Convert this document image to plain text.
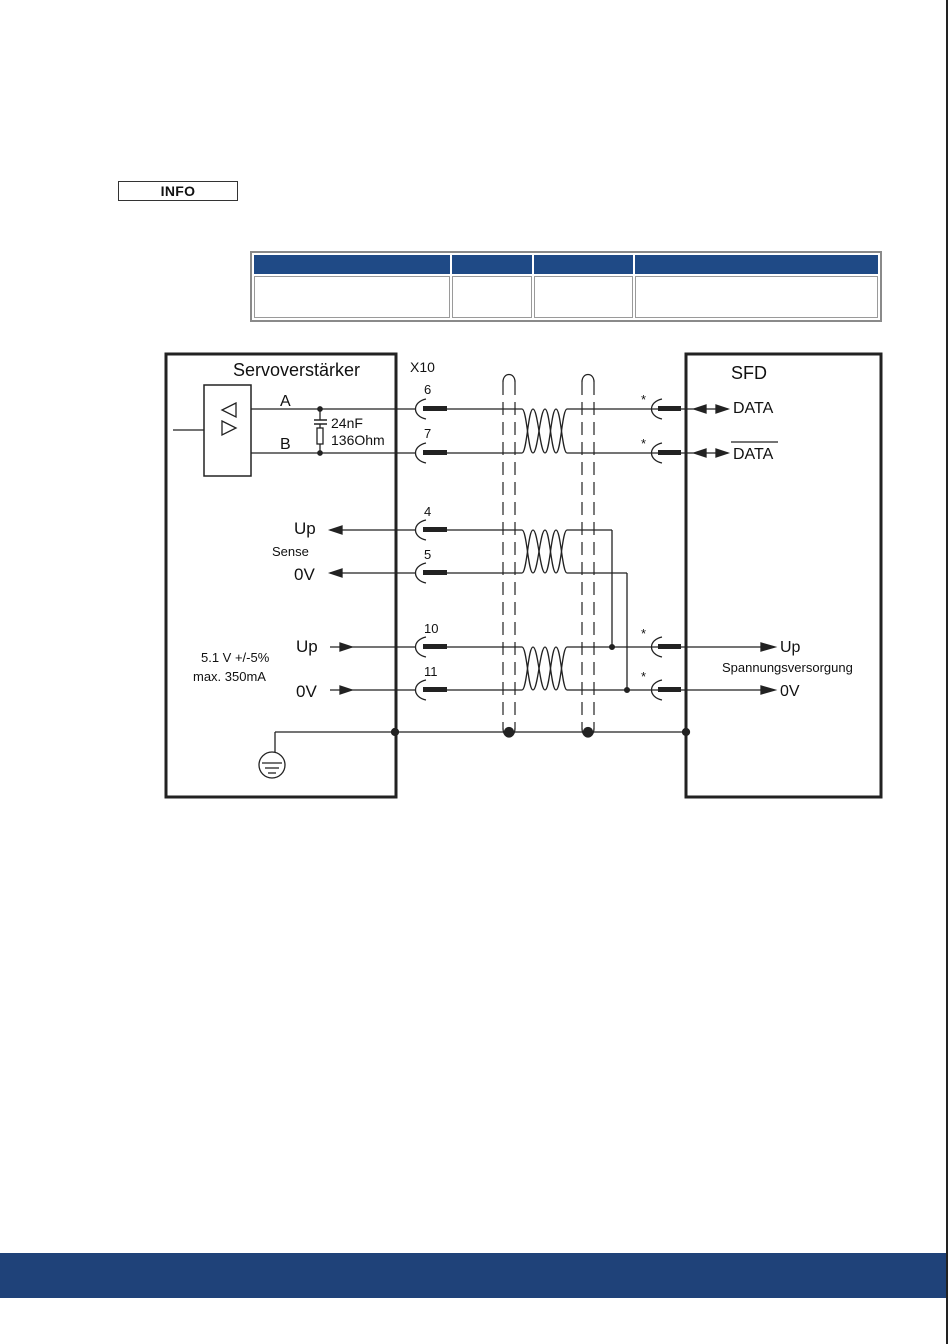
INFO

Servoverstärker	SFD
X10
6
7
4
5
10
11
A
B
24nF
136Ohm
Up
Sense
0V
Up
0V
5.1 V +/-5%
max. 350mA
DATA
DATA
Up
Spannungsversorgung
0V
*
*
*
*
